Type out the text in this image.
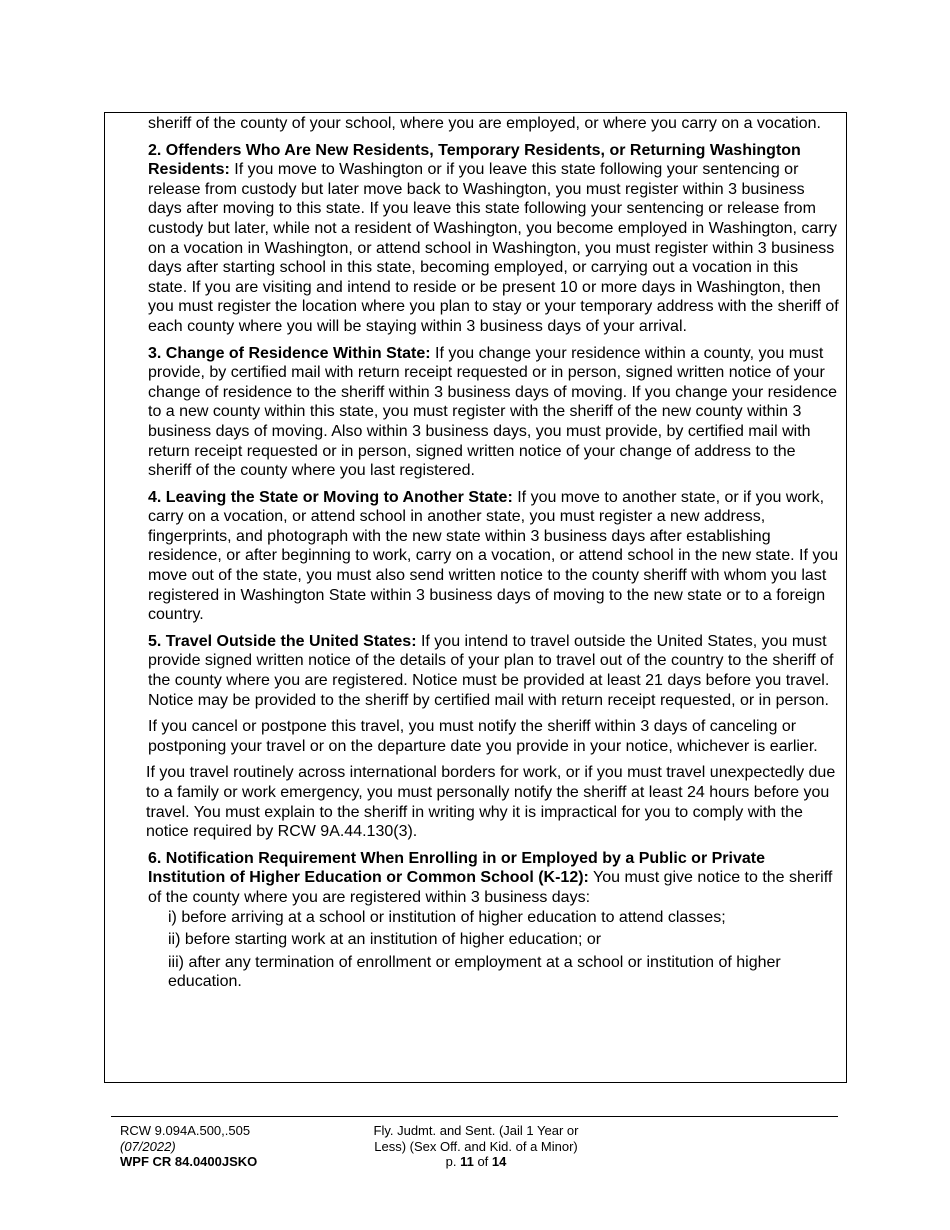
sheriff of the county of your school, where you are employed, or where you carry on a vocation.

2. Offenders Who Are New Residents, Temporary Residents, or Returning Washington Residents: If you move to Washington or if you leave this state following your sentencing or release from custody but later move back to Washington, you must register within 3 business days after moving to this state. If you leave this state following your sentencing or release from custody but later, while not a resident of Washington, you become employed in Washington, carry on a vocation in Washington, or attend school in Washington, you must register within 3 business days after starting school in this state, becoming employed, or carrying out a vocation in this state. If you are visiting and intend to reside or be present 10 or more days in Washington, then you must register the location where you plan to stay or your temporary address with the sheriff of each county where you will be staying within 3 business days of your arrival.

3. Change of Residence Within State: If you change your residence within a county, you must provide, by certified mail with return receipt requested or in person, signed written notice of your change of residence to the sheriff within 3 business days of moving. If you change your residence to a new county within this state, you must register with the sheriff of the new county within 3 business days of moving. Also within 3 business days, you must provide, by certified mail with return receipt requested or in person, signed written notice of your change of address to the sheriff of the county where you last registered.

4. Leaving the State or Moving to Another State: If you move to another state, or if you work, carry on a vocation, or attend school in another state, you must register a new address, fingerprints, and photograph with the new state within 3 business days after establishing residence, or after beginning to work, carry on a vocation, or attend school in the new state. If you move out of the state, you must also send written notice to the county sheriff with whom you last registered in Washington State within 3 business days of moving to the new state or to a foreign country.

5. Travel Outside the United States: If you intend to travel outside the United States, you must provide signed written notice of the details of your plan to travel out of the country to the sheriff of the county where you are registered. Notice must be provided at least 21 days before you travel. Notice may be provided to the sheriff by certified mail with return receipt requested, or in person.

If you cancel or postpone this travel, you must notify the sheriff within 3 days of canceling or postponing your travel or on the departure date you provide in your notice, whichever is earlier.

If you travel routinely across international borders for work, or if you must travel unexpectedly due to a family or work emergency, you must personally notify the sheriff at least 24 hours before you travel. You must explain to the sheriff in writing why it is impractical for you to comply with the notice required by RCW 9A.44.130(3).

6. Notification Requirement When Enrolling in or Employed by a Public or Private Institution of Higher Education or Common School (K-12): You must give notice to the sheriff of the county where you are registered within 3 business days:

i) before arriving at a school or institution of higher education to attend classes;
ii) before starting work at an institution of higher education; or
iii) after any termination of enrollment or employment at a school or institution of higher education.
RCW 9.094A.500,.505
(07/2022)
WPF CR 84.0400JSKO
Fly. Judmt. and Sent. (Jail 1 Year or
Less) (Sex Off. and Kid. of a Minor)
p. 11 of 14
